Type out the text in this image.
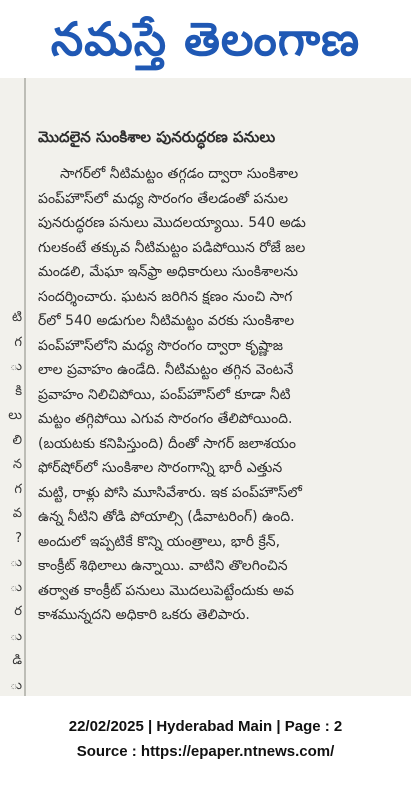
నమస్తే తెలంగాణ
టి
గ
ు
కి
లు
లి
న
గ
వ
?
ు
ు
ర
ు
డి
ు
మొదలైన సుంకిశాల పునరుద్ధరణ పనులు
సాగర్‌లో నీటిమట్టం తగ్గడం ద్వారా సుంకిశాల
పంప్‌హౌస్‌లో మధ్య సొరంగం తేలడంతో పనుల
పునరుద్ధరణ పనులు మొదలయ్యాయి. 540 అడు
గులకంటే తక్కువ నీటిమట్టం పడిపోయిన రోజే జల
మండలి, మేఘా ఇన్‌ఫ్రా అధికారులు సుంకిశాలను
సందర్శించారు. ఘటన జరిగిన క్షణం నుంచి సాగ
ర్‌లో 540 అడుగుల నీటిమట్టం వరకు సుంకిశాల
పంప్‌హౌస్‌లోని మధ్య సొరంగం ద్వారా కృష్ణాజ
లాల ప్రవాహం ఉండేది. నీటిమట్టం తగ్గిన వెంటనే
ప్రవాహం నిలిచిపోయి, పంప్‌హౌస్‌లో కూడా నీటి
మట్టం తగ్గిపోయి ఎగువ సొరంగం తేలిపోయింది.
(బయటకు కనిపిస్తుంది) దీంతో సాగర్ జలాశయం
ఫోర్‌షోర్‌లో సుంకిశాల సొరంగాన్ని భారీ ఎత్తున
మట్టి, రాళ్లు పోసి మూసివేశారు. ఇక పంప్‌హౌస్‌లో
ఉన్న నీటిని తోడి పోయాల్సి (డీవాటరింగ్) ఉంది.
అందులో ఇప్పటికే కొన్ని యంత్రాలు, భారీ క్రేన్,
కాంక్రీట్ శిథిలాలు ఉన్నాయి. వాటిని తొలగించిన
తర్వాత కాంక్రీట్ పనులు మొదలుపెట్టేందుకు అవ
కాశమున్నదని అధికారి ఒకరు తెలిపారు.
22/02/2025 | Hyderabad Main | Page : 2
Source : https://epaper.ntnews.com/
